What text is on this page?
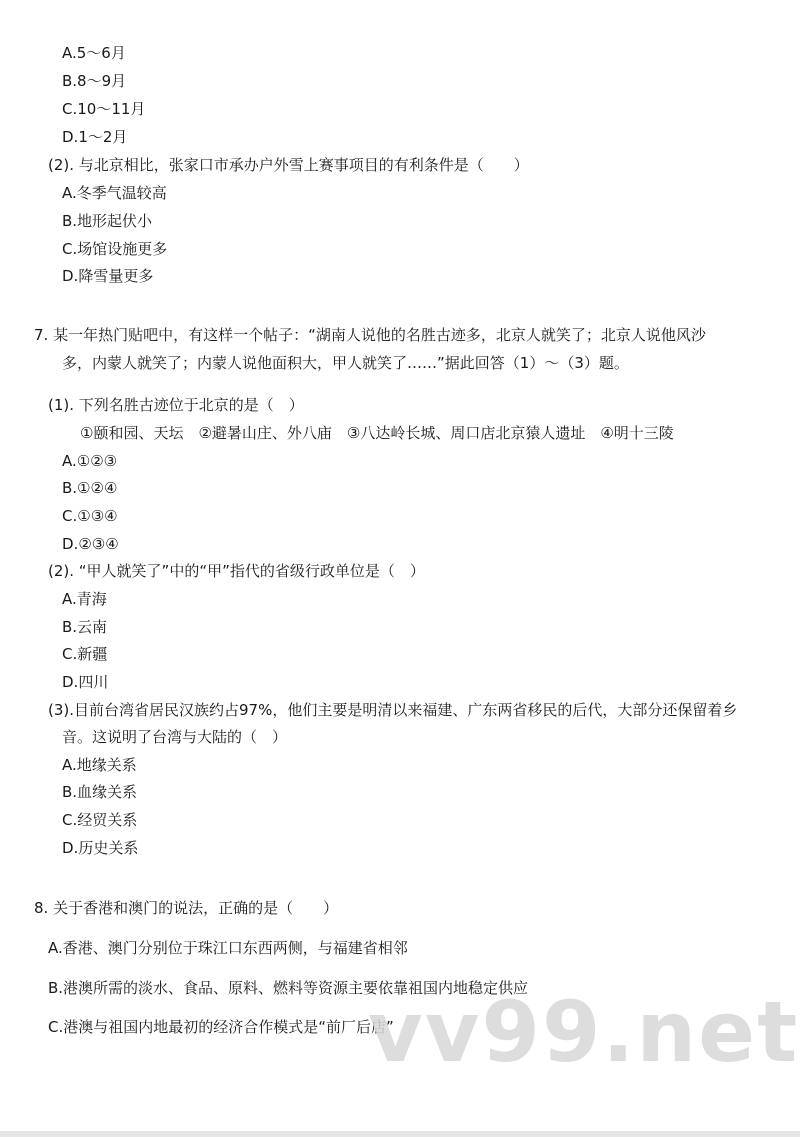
A.5～6月
B.8～9月
C.10～11月
D.1～2月
(2). 与北京相比，张家口市承办户外雪上赛事项目的有利条件是（　　）
A.冬季气温较高
B.地形起伏小
C.场馆设施更多
D.降雪量更多
7. 某一年热门贴吧中，有这样一个帖子：“湖南人说他的名胜古迹多，北京人就笑了；北京人说他风沙
多，内蒙人就笑了；内蒙人说他面积大，甲人就笑了……”据此回答（1）～（3）题。
(1). 下列名胜古迹位于北京的是（　）
①颐和园、天坛　②避暑山庄、外八庙　③八达岭长城、周口店北京猿人遗址　④明十三陵
A.①②③
B.①②④
C.①③④
D.②③④
(2). “甲人就笑了”中的“甲”指代的省级行政单位是（　）
A.青海
B.云南
C.新疆
D.四川
(3).目前台湾省居民汉族约占97%，他们主要是明清以来福建、广东两省移民的后代，大部分还保留着乡
音。这说明了台湾与大陆的（　）
A.地缘关系
B.血缘关系
C.经贸关系
D.历史关系
8. 关于香港和澳门的说法，正确的是（　　）
A.香港、澳门分别位于珠江口东西两侧，与福建省相邻
B.港澳所需的淡水、食品、原料、燃料等资源主要依靠祖国内地稳定供应
C.港澳与祖国内地最初的经济合作模式是“前厂后店”
vv99.net
